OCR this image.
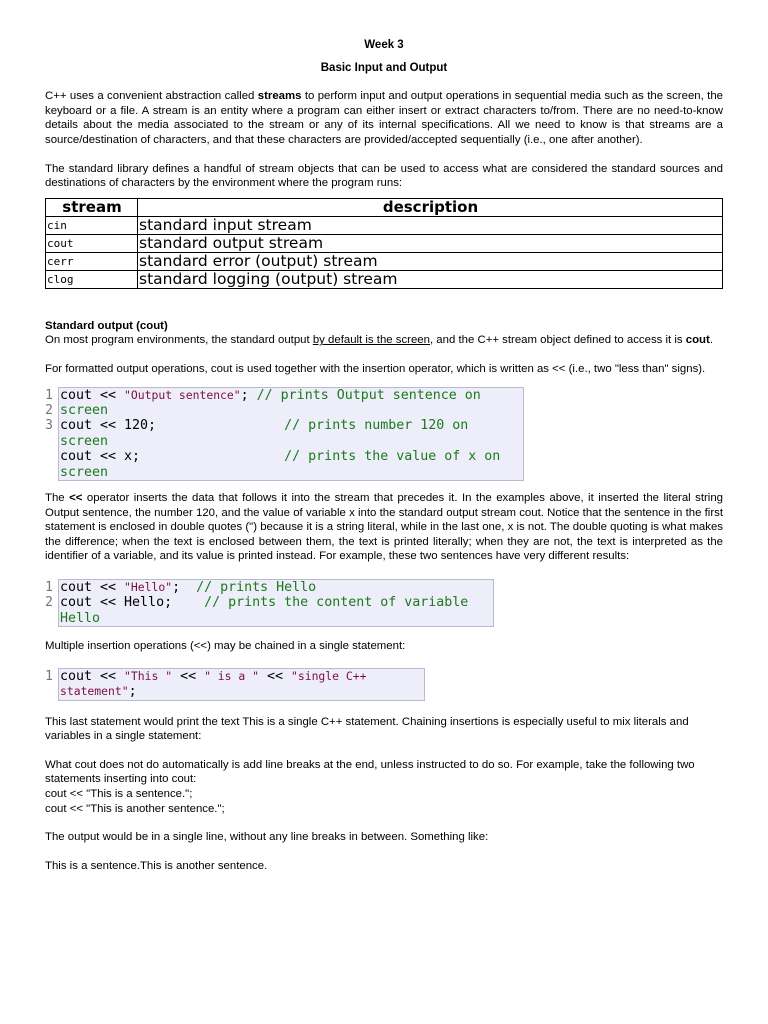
Week 3
Basic Input and Output

C++ uses a convenient abstraction called streams to perform input and output operations in sequential media such as the screen, the keyboard or a file. A stream is an entity where a program can either insert or extract characters to/from. There are no need-to-know details about the media associated to the stream or any of its internal specifications. All we need to know is that streams are a source/destination of characters, and that these characters are provided/accepted sequentially (i.e., one after another).

The standard library defines a handful of stream objects that can be used to access what are considered the standard sources and destinations of characters by the environment where the program runs:

stream	description
cin	standard input stream
cout	standard output stream
cerr	standard error (output) stream
clog	standard logging (output) stream

Standard output (cout)

On most program environments, the standard output by default is the screen, and the C++ stream object defined to access it is cout.

For formatted output operations, cout is used together with the insertion operator, which is written as << (i.e., two "less than" signs).

1
2
3
cout << "Output sentence"; // prints Output sentence on screen
cout << 120;                // prints number 120 on screen
cout << x;                  // prints the value of x on screen

The << operator inserts the data that follows it into the stream that precedes it. In the examples above, it inserted the literal string Output sentence, the number 120, and the value of variable x into the standard output stream cout. Notice that the sentence in the first statement is enclosed in double quotes (") because it is a string literal, while in the last one, x is not. The double quoting is what makes the difference; when the text is enclosed between them, the text is printed literally; when they are not, the text is interpreted as the identifier of a variable, and its value is printed instead. For example, these two sentences have very different results:

1
2
cout << "Hello";  // prints Hello
cout << Hello;    // prints the content of variable Hello

Multiple insertion operations (<<) may be chained in a single statement:

1 cout << "This " << " is a " << "single C++ statement";

This last statement would print the text This is a single C++ statement. Chaining insertions is especially useful to mix literals and variables in a single statement:

What cout does not do automatically is add line breaks at the end, unless instructed to do so. For example, take the following two statements inserting into cout:

cout << "This is a sentence.";

cout << "This is another sentence.";

The output would be in a single line, without any line breaks in between. Something like:

This is a sentence.This is another sentence.
